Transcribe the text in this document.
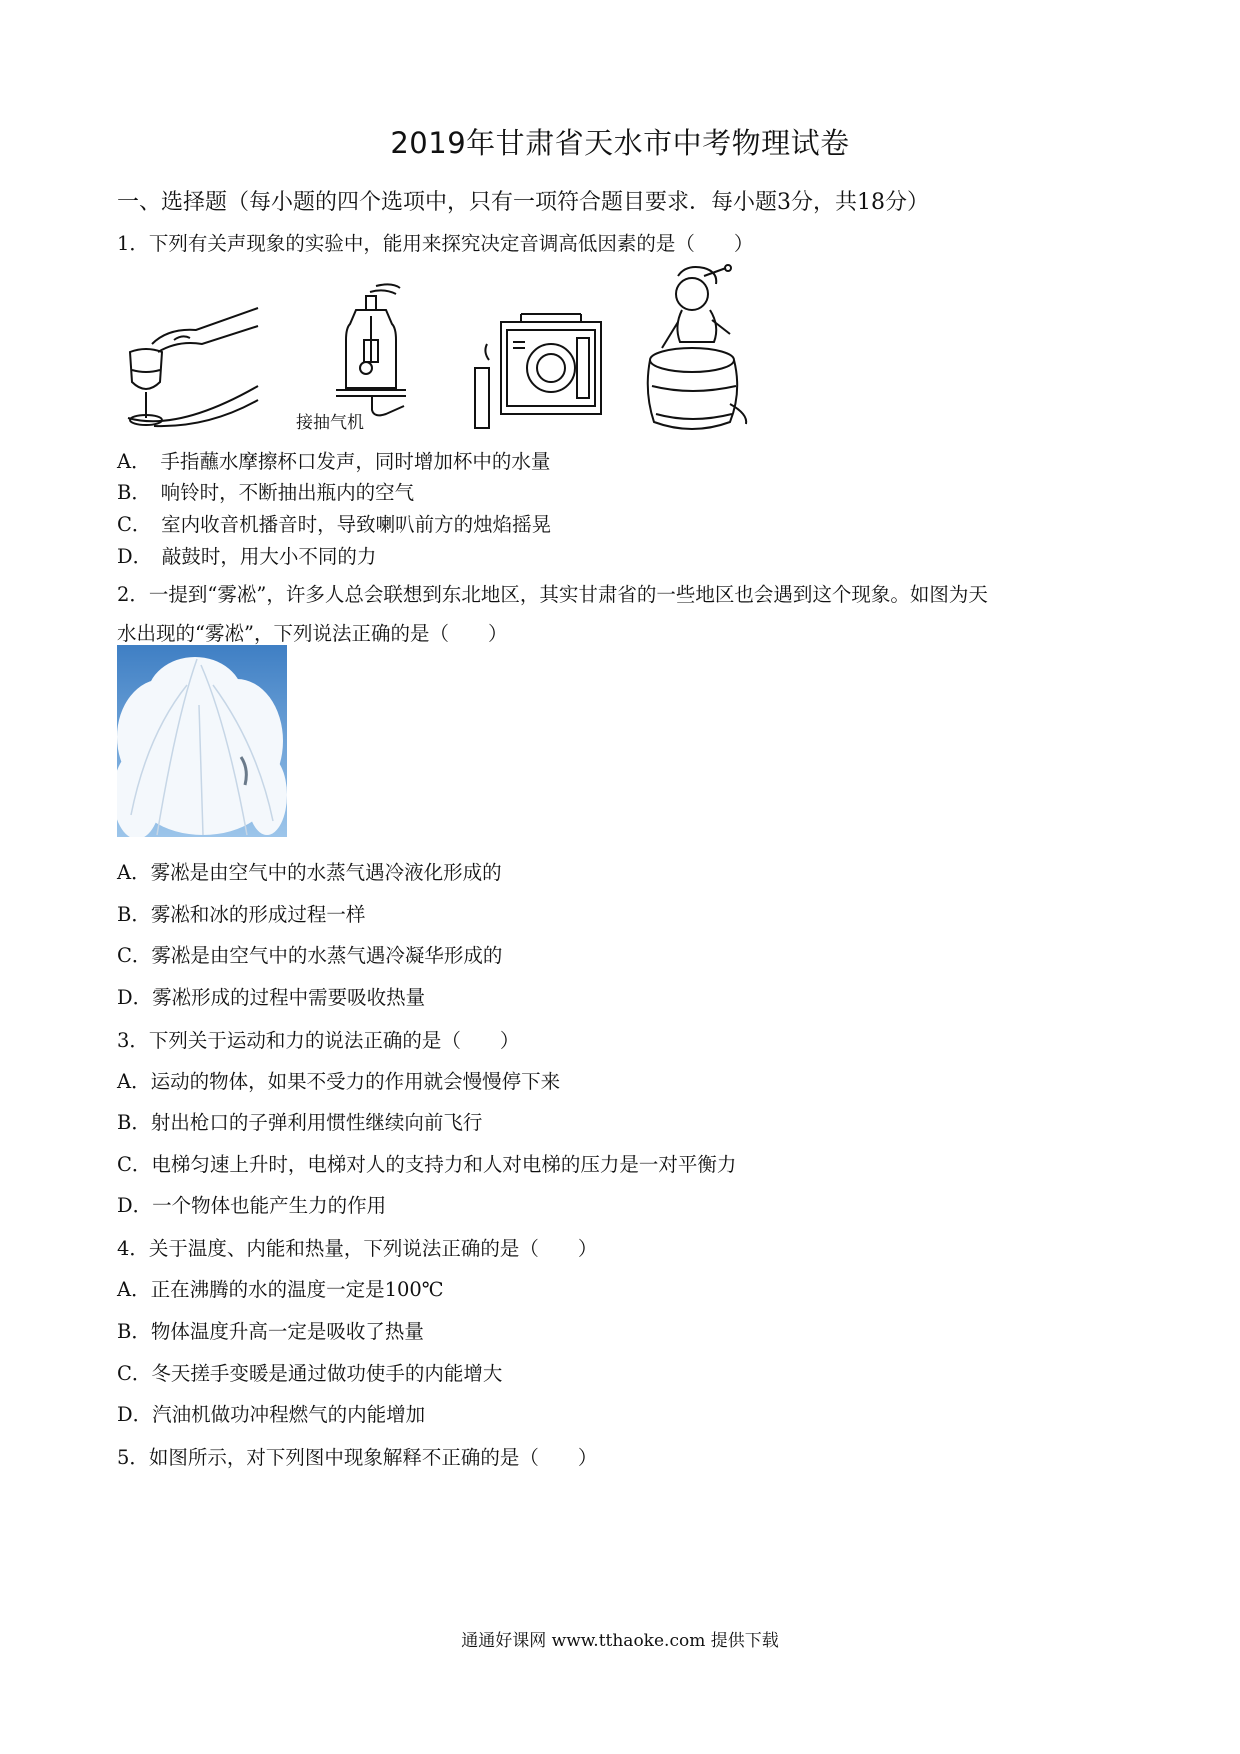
2019年甘肃省天水市中考物理试卷
一、选择题（每小题的四个选项中，只有一项符合题目要求．每小题3分，共18分）
1．下列有关声现象的实验中，能用来探究决定音调高低因素的是（　　）
接抽气机
A．　手指蘸水摩擦杯口发声，同时增加杯中的水量
B．　响铃时，不断抽出瓶内的空气
C．　室内收音机播音时，导致喇叭前方的烛焰摇晃
D．　敲鼓时，用大小不同的力
2．一提到“雾凇”，许多人总会联想到东北地区，其实甘肃省的一些地区也会遇到这个现象。如图为天
水出现的“雾凇”，下列说法正确的是（　　）
A．雾凇是由空气中的水蒸气遇冷液化形成的
B．雾凇和冰的形成过程一样
C．雾凇是由空气中的水蒸气遇冷凝华形成的
D．雾凇形成的过程中需要吸收热量
3．下列关于运动和力的说法正确的是（　　）
A．运动的物体，如果不受力的作用就会慢慢停下来
B．射出枪口的子弹利用惯性继续向前飞行
C．电梯匀速上升时，电梯对人的支持力和人对电梯的压力是一对平衡力
D．一个物体也能产生力的作用
4．关于温度、内能和热量，下列说法正确的是（　　）
A．正在沸腾的水的温度一定是100℃
B．物体温度升高一定是吸收了热量
C．冬天搓手变暖是通过做功使手的内能增大
D．汽油机做功冲程燃气的内能增加
5．如图所示，对下列图中现象解释不正确的是（　　）
通通好课网 www.tthaoke.com 提供下载
